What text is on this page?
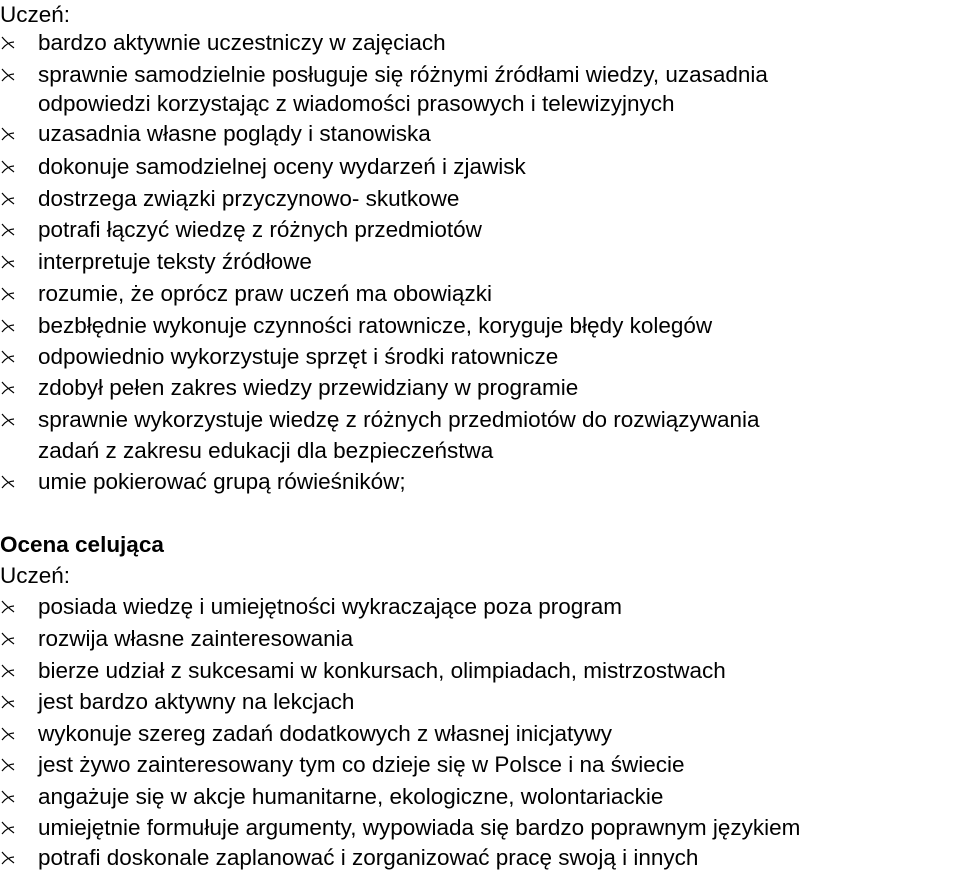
Uczeń:
bardzo aktywnie uczestniczy w zajęciach
sprawnie samodzielnie posługuje się różnymi źródłami wiedzy, uzasadnia
odpowiedzi korzystając z wiadomości prasowych i telewizyjnych
uzasadnia własne poglądy i stanowiska
dokonuje samodzielnej oceny wydarzeń i zjawisk
dostrzega związki przyczynowo- skutkowe
potrafi łączyć wiedzę z różnych przedmiotów
interpretuje teksty źródłowe
rozumie, że oprócz praw uczeń ma obowiązki
bezbłędnie wykonuje czynności ratownicze, koryguje błędy kolegów
odpowiednio wykorzystuje sprzęt i środki ratownicze
zdobył pełen zakres wiedzy przewidziany w programie
sprawnie wykorzystuje wiedzę z różnych przedmiotów do rozwiązywania
zadań z zakresu edukacji dla bezpieczeństwa
umie pokierować grupą rówieśników;
Ocena celująca
Uczeń:
posiada wiedzę i umiejętności wykraczające poza program
rozwija własne zainteresowania
bierze udział z sukcesami w konkursach, olimpiadach, mistrzostwach
jest bardzo aktywny na lekcjach
wykonuje szereg zadań dodatkowych z własnej inicjatywy
jest żywo zainteresowany tym co dzieje się w Polsce i na świecie
angażuje się w akcje humanitarne, ekologiczne, wolontariackie
umiejętnie formułuje argumenty, wypowiada się bardzo poprawnym językiem
potrafi doskonale zaplanować i zorganizować pracę swoją i innych
